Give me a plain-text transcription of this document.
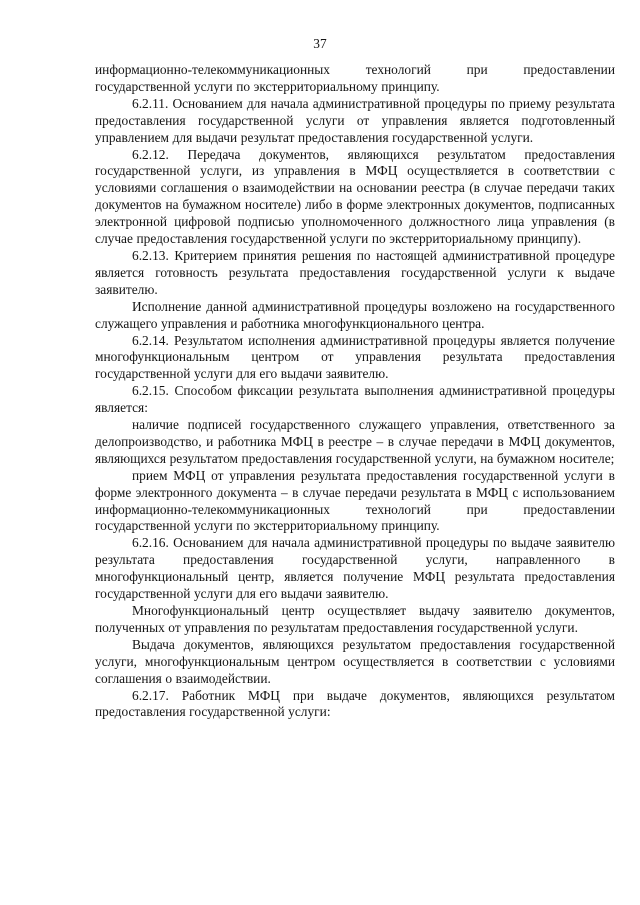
37

информационно-телекоммуникационных технологий при предоставлении государственной услуги по экстерриториальному принципу.

6.2.11. Основанием для начала административной процедуры по приему результата предоставления государственной услуги от управления является подготовленный управлением для выдачи результат предоставления государственной услуги.

6.2.12. Передача документов, являющихся результатом предоставления государственной услуги, из управления в МФЦ осуществляется в соответствии с условиями соглашения о взаимодействии на основании реестра (в случае передачи таких документов на бумажном носителе) либо в форме электронных документов, подписанных электронной цифровой подписью уполномоченного должностного лица управления (в случае предоставления государственной услуги по экстерриториальному принципу).

6.2.13. Критерием принятия решения по настоящей административной процедуре является готовность результата предоставления государственной услуги к выдаче заявителю.

Исполнение данной административной процедуры возложено на государственного служащего управления и работника многофункционального центра.

6.2.14. Результатом исполнения административной процедуры является получение многофункциональным центром от управления результата предоставления государственной услуги для его выдачи заявителю.

6.2.15. Способом фиксации результата выполнения административной процедуры является:

наличие подписей государственного служащего управления, ответственного за делопроизводство, и работника МФЦ в реестре – в случае передачи в МФЦ документов, являющихся результатом предоставления государственной услуги, на бумажном носителе;

прием МФЦ от управления результата предоставления государственной услуги в форме электронного документа – в случае передачи результата в МФЦ с использованием информационно-телекоммуникационных технологий при предоставлении государственной услуги по экстерриториальному принципу.

6.2.16. Основанием для начала административной процедуры по выдаче заявителю результата предоставления государственной услуги, направленного в многофункциональный центр, является получение МФЦ результата предоставления государственной услуги для его выдачи заявителю.

Многофункциональный центр осуществляет выдачу заявителю документов, полученных от управления по результатам предоставления государственной услуги.

Выдача документов, являющихся результатом предоставления государственной услуги, многофункциональным центром осуществляется в соответствии с условиями соглашения о взаимодействии.

6.2.17. Работник МФЦ при выдаче документов, являющихся результатом предоставления государственной услуги:
